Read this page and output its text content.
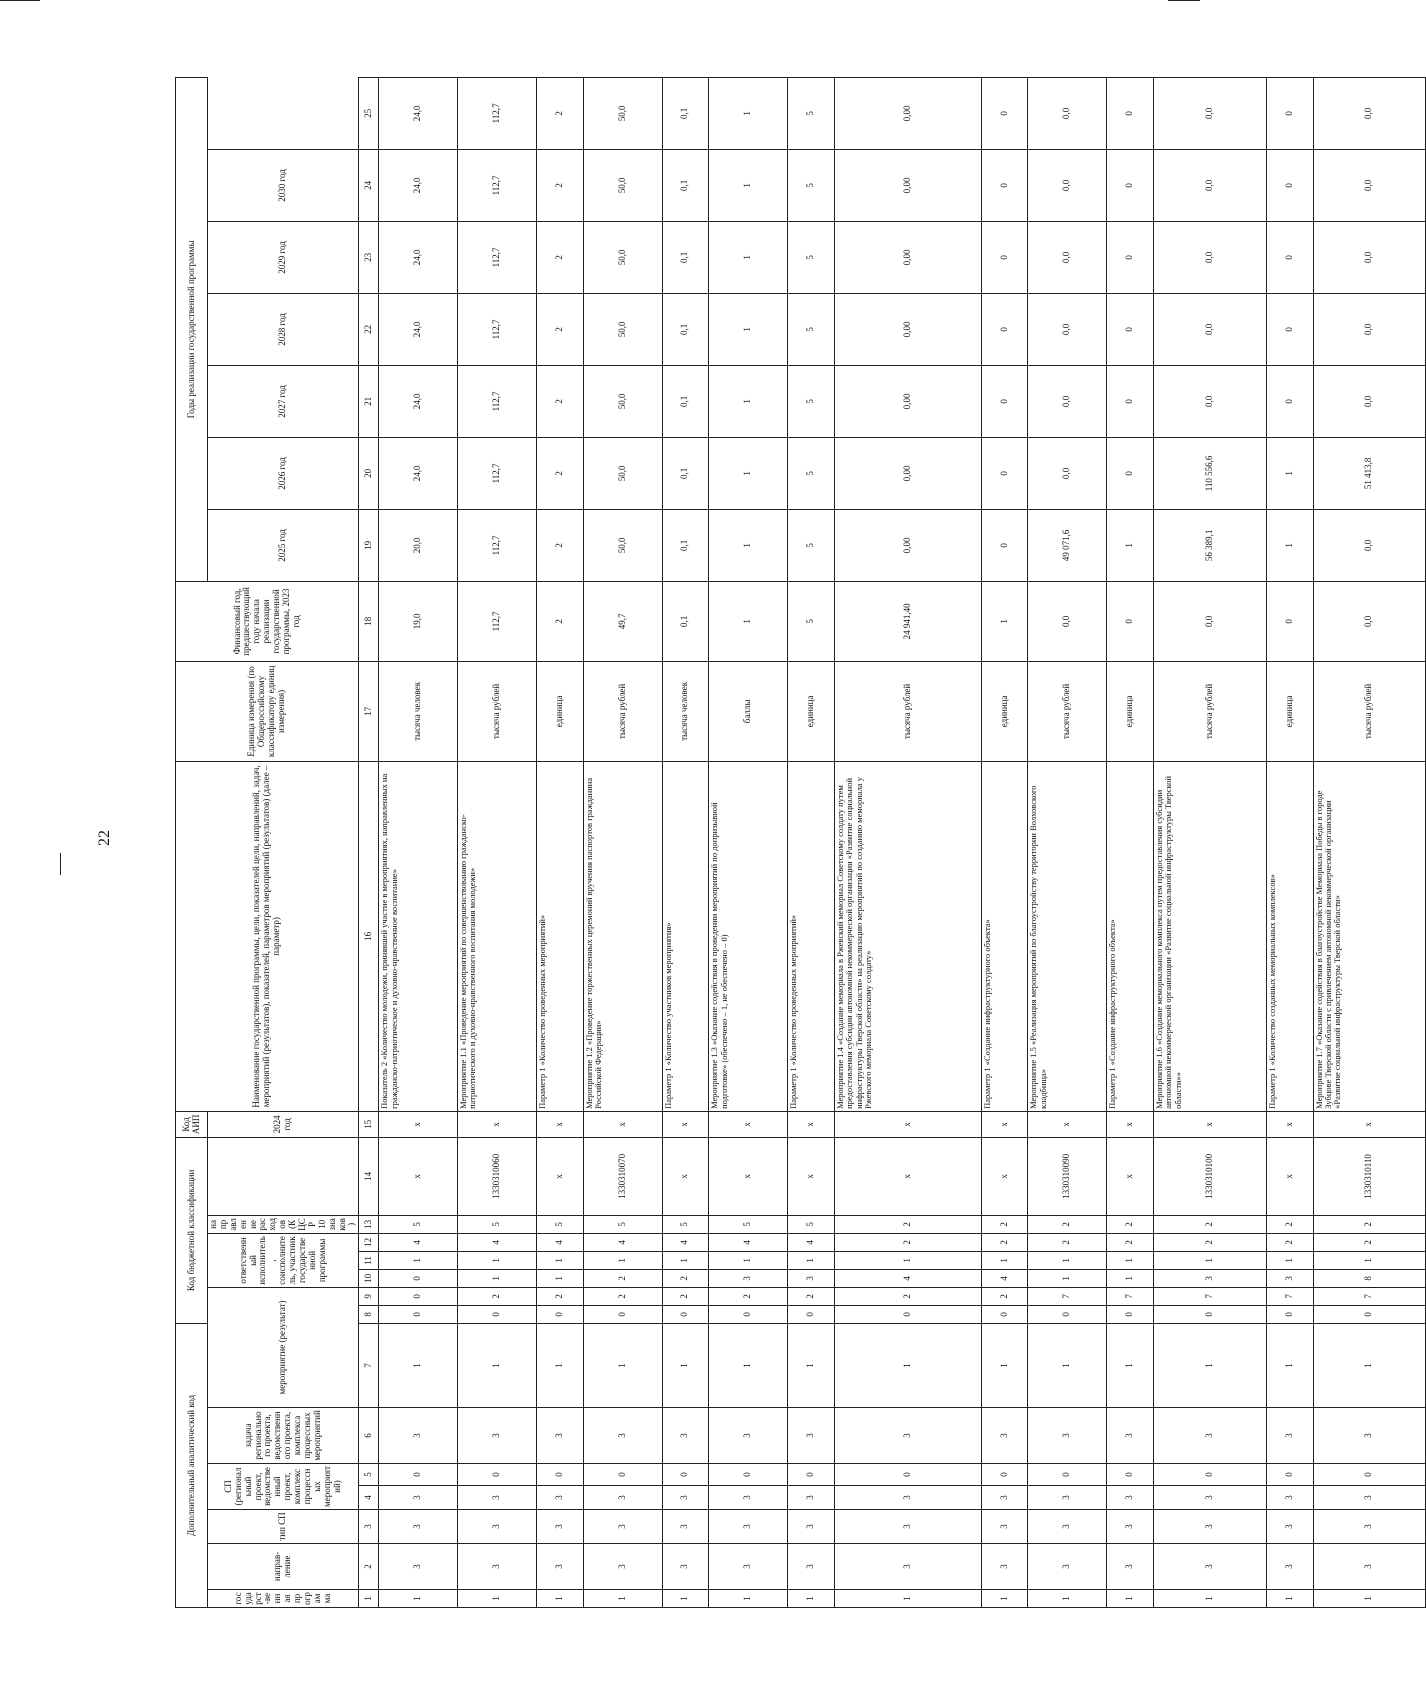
22
Дополнительный аналитический код							Код бюджетной классификации							Код АИП	Наименование государственной программы, цели, показателей цели, направлений, задач, мероприятий (результатов), показателей, параметров мероприятий (результатов) (далее – параметр)	Единица измерения (по Общероссийскому классификатору единиц измерения)	Финансовый год, предшествующий году начала реализации государственной программы, 2023 год	Годы реализации государственной программы						
государст-венная программа	направ-ление	тип СП	СП (региональный проект, ведомственный проект, комплекс процессных мероприятий)		задача регионального проекта, ведомственного проекта, комплекса процессных мероприятий	мероприятие (результат)			ответственный исполнитель, соисполнитель, участник государственной программы			направление расходов (КЦСР 10 знаков)		2024 год				2025 год	2026 год	2027 год	2028 год	2029 год	2030 год	

1	2	3	4	5	6	7	8	9	10	11	12	13	14	15	16	17	18	19	20	21	22	23	24	25
1	3	3	3	0	3	1	0	0	0	1	4	5	x	x	Показатель 2 «Количество молодежи, принявшей участие в мероприятиях, направленных на гражданско-патриотическое и духовно-нравственное воспитание»	тысяча человек	19,0	20,0	24,0	24,0	24,0	24,0	24,0	24,0
1	3	3	3	0	3	1	0	2	1	1	4	5	1330310060	x	Мероприятие 1.1 «Проведение мероприятий по совершенствованию гражданско-патриотического и духовно-нравственного воспитания молодежи»	тысяча рублей	112,7	112,7	112,7	112,7	112,7	112,7	112,7	112,7
1	3	3	3	0	3	1	0	2	1	1	4	5	x	x	Параметр 1 «Количество проведенных мероприятий»	единица	2	2	2	2	2	2	2	2
1	3	3	3	0	3	1	0	2	2	1	4	5	1330310070	x	Мероприятие 1.2 «Проведение торжественных церемоний вручения паспортов гражданина Российской Федерации»	тысяча рублей	49,7	50,0	50,0	50,0	50,0	50,0	50,0	50,0
1	3	3	3	0	3	1	0	2	2	1	4	5	x	x	Параметр 1 «Количество участников мероприятия»	тысяча человек	0,1	0,1	0,1	0,1	0,1	0,1	0,1	0,1
1	3	3	3	0	3	1	0	2	3	1	4	5	x	x	Мероприятие 1.3 «Оказание содействия в проведении мероприятий по допризывной подготовке» (обеспечено – 1, не обеспечено – 0)	баллы	1	1	1	1	1	1	1	1
1	3	3	3	0	3	1	0	2	3	1	4	5	x	x	Параметр 1 «Количество проведенных мероприятий»	единица	5	5	5	5	5	5	5	5
1	3	3	3	0	3	1	0	2	4	1	2	2	x	x	Мероприятие 1.4 «Создание мемориала в Ржевский мемориал Советскому солдату путем предоставления субсидии автономной некоммерческой организации «Развитие социальной инфраструктуры Тверской области» на реализацию мероприятий по созданию мемориала у Ржевского мемориала Советскому солдату»	тысяча рублей	24 941,40	0,00	0,00	0,00	0,00	0,00	0,00	0,00
1	3	3	3	0	3	1	0	2	4	1	2	2	x	x	Параметр 1 «Создание инфраструктурного объекта»	единица	1	0	0	0	0	0	0	0
1	3	3	3	0	3	1	0	7	1	1	2	2	1330310090	x	Мероприятие 1.5 «Реализация мероприятий по благоустройству территории Волховского кладбища»	тысяча рублей	0,0	49 071,6	0,0	0,0	0,0	0,0	0,0	0,0
1	3	3	3	0	3	1	0	7	1	1	2	2	x	x	Параметр 1 «Создание инфраструктурного объекта»	единица	0	1	0	0	0	0	0	0
1	3	3	3	0	3	1	0	7	3	1	2	2	1330310100	x	Мероприятие 1.6 «Создание мемориального комплекса путем предоставления субсидии автономной некоммерческой организации «Развитие социальной инфраструктуры Тверской области»»	тысяча рублей	0,0	56 389,1	110 556,6	0,0	0,0	0,0	0,0	0,0
1	3	3	3	0	3	1	0	7	3	1	2	2	x	x	Параметр 1 «Количество созданных мемориальных комплексов»	единица	0	1	1	0	0	0	0	0
1	3	3	3	0	3	1	0	7	8	1	2	2	1330310110	x	Мероприятие 1.7 «Оказание содействия в благоустройстве Мемориала Победы в городе Зубцове Тверской области с привлечением автономной некоммерческой организации «Развитие социальной инфраструктуры Тверской области»	тысяча рублей	0,0	0,0	51 413,8	0,0	0,0	0,0	0,0	0,0
